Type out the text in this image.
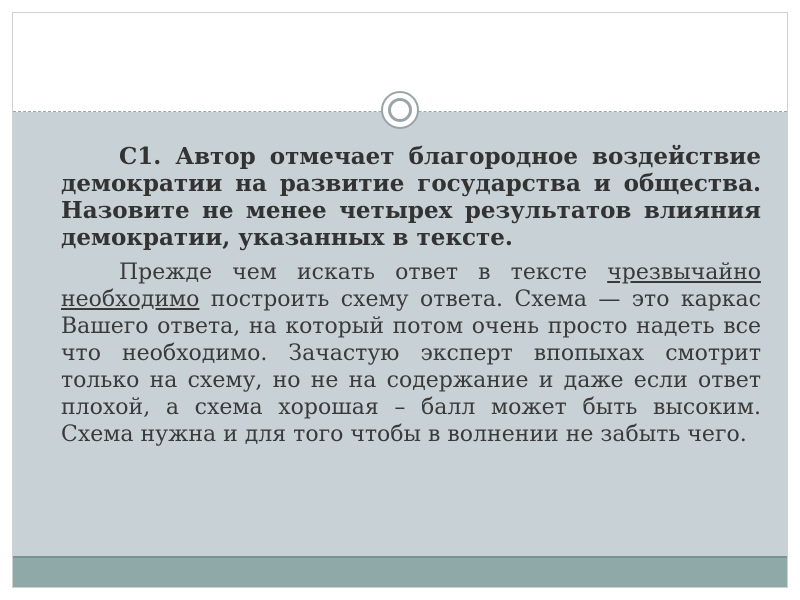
С1. Автор отмечает благородное воздействие демократии на развитие государства и общества. Назовите не менее четырех результатов влияния демократии, указанных в тексте.

Прежде чем искать ответ в тексте чрезвычайно необходимо построить схему ответа. Схема — это каркас Вашего ответа, на который потом очень просто надеть все что необходимо. Зачастую эксперт впопыхах смотрит только на схему, но не на содержание и даже если ответ плохой, а схема хорошая – балл может быть высоким. Схема нужна и для того чтобы в волнении не забыть чего.
